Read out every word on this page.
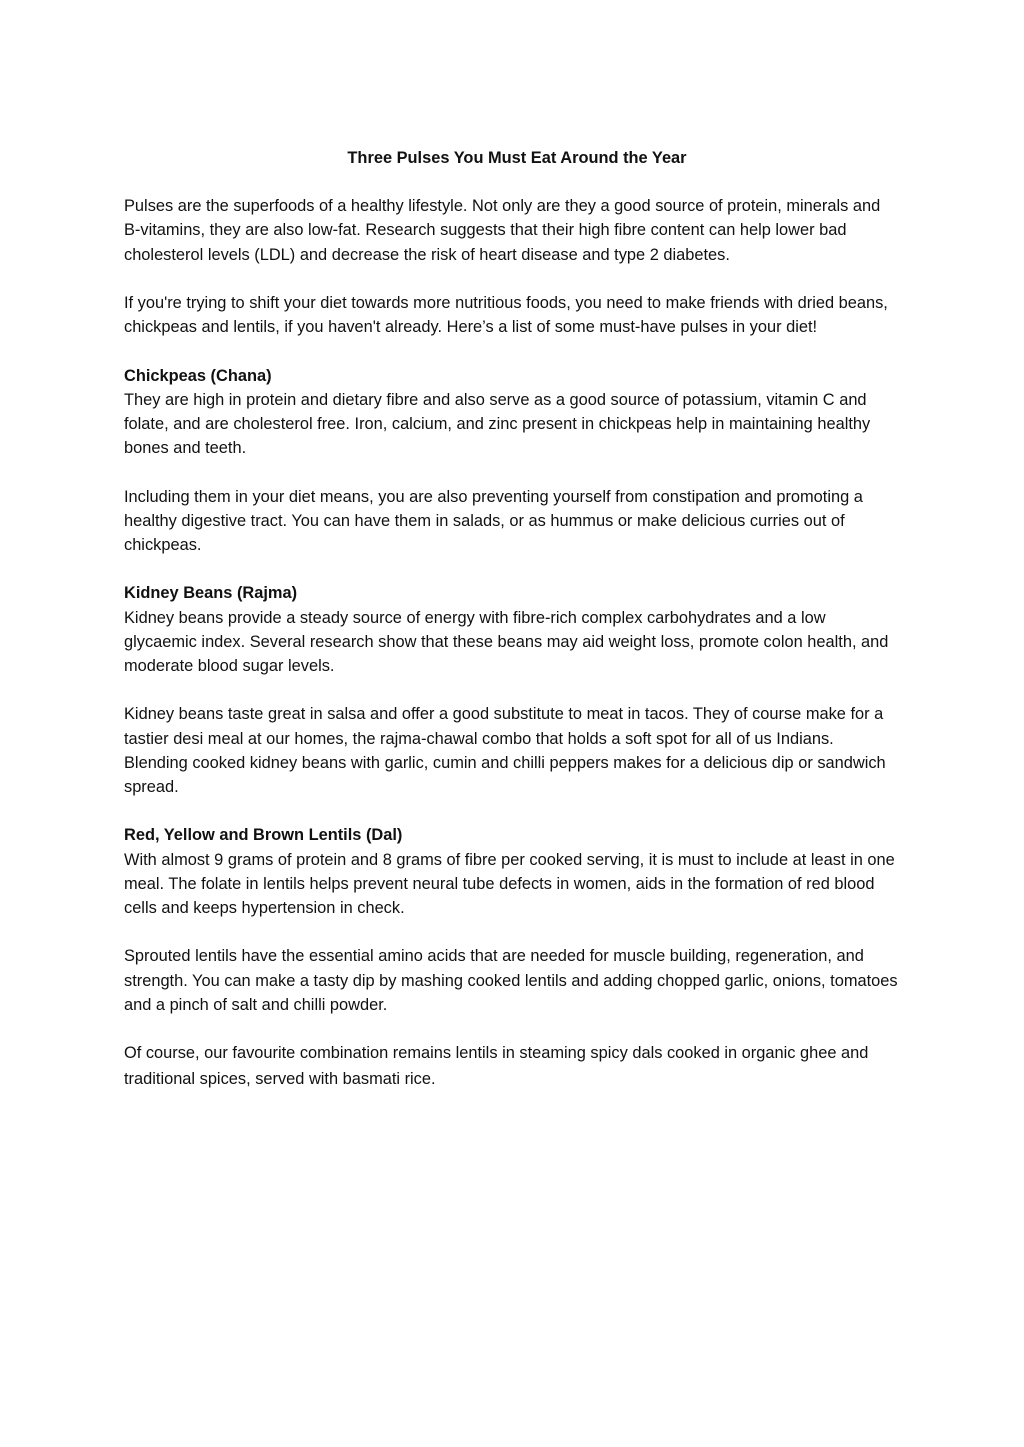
Three Pulses You Must Eat Around the Year

Pulses are the superfoods of a healthy lifestyle. Not only are they a good source of protein, minerals and B-vitamins, they are also low-fat. Research suggests that their high fibre content can help lower bad cholesterol levels (LDL) and decrease the risk of heart disease and type 2 diabetes.

If you're trying to shift your diet towards more nutritious foods, you need to make friends with dried beans, chickpeas and lentils, if you haven't already. Here’s a list of some must-have pulses in your diet!

Chickpeas (Chana)
They are high in protein and dietary fibre and also serve as a good source of potassium, vitamin C and folate, and are cholesterol free. Iron, calcium, and zinc present in chickpeas help in maintaining healthy bones and teeth.

Including them in your diet means, you are also preventing yourself from constipation and promoting a healthy digestive tract. You can have them in salads, or as hummus or make delicious curries out of chickpeas.

Kidney Beans (Rajma)
Kidney beans provide a steady source of energy with fibre-rich complex carbohydrates and a low glycaemic index. Several research show that these beans may aid weight loss, promote colon health, and moderate blood sugar levels.

Kidney beans taste great in salsa and offer a good substitute to meat in tacos. They of course make for a tastier desi meal at our homes, the rajma-chawal combo that holds a soft spot for all of us Indians. Blending cooked kidney beans with garlic, cumin and chilli peppers makes for a delicious dip or sandwich spread.

Red, Yellow and Brown Lentils (Dal)
With almost 9 grams of protein and 8 grams of fibre per cooked serving, it is must to include at least in one meal. The folate in lentils helps prevent neural tube defects in women, aids in the formation of red blood cells and keeps hypertension in check.

Sprouted lentils have the essential amino acids that are needed for muscle building, regeneration, and strength. You can make a tasty dip by mashing cooked lentils and adding chopped garlic, onions, tomatoes and a pinch of salt and chilli powder.

Of course, our favourite combination remains lentils in steaming spicy dals cooked in organic ghee and traditional spices, served with basmati rice.
